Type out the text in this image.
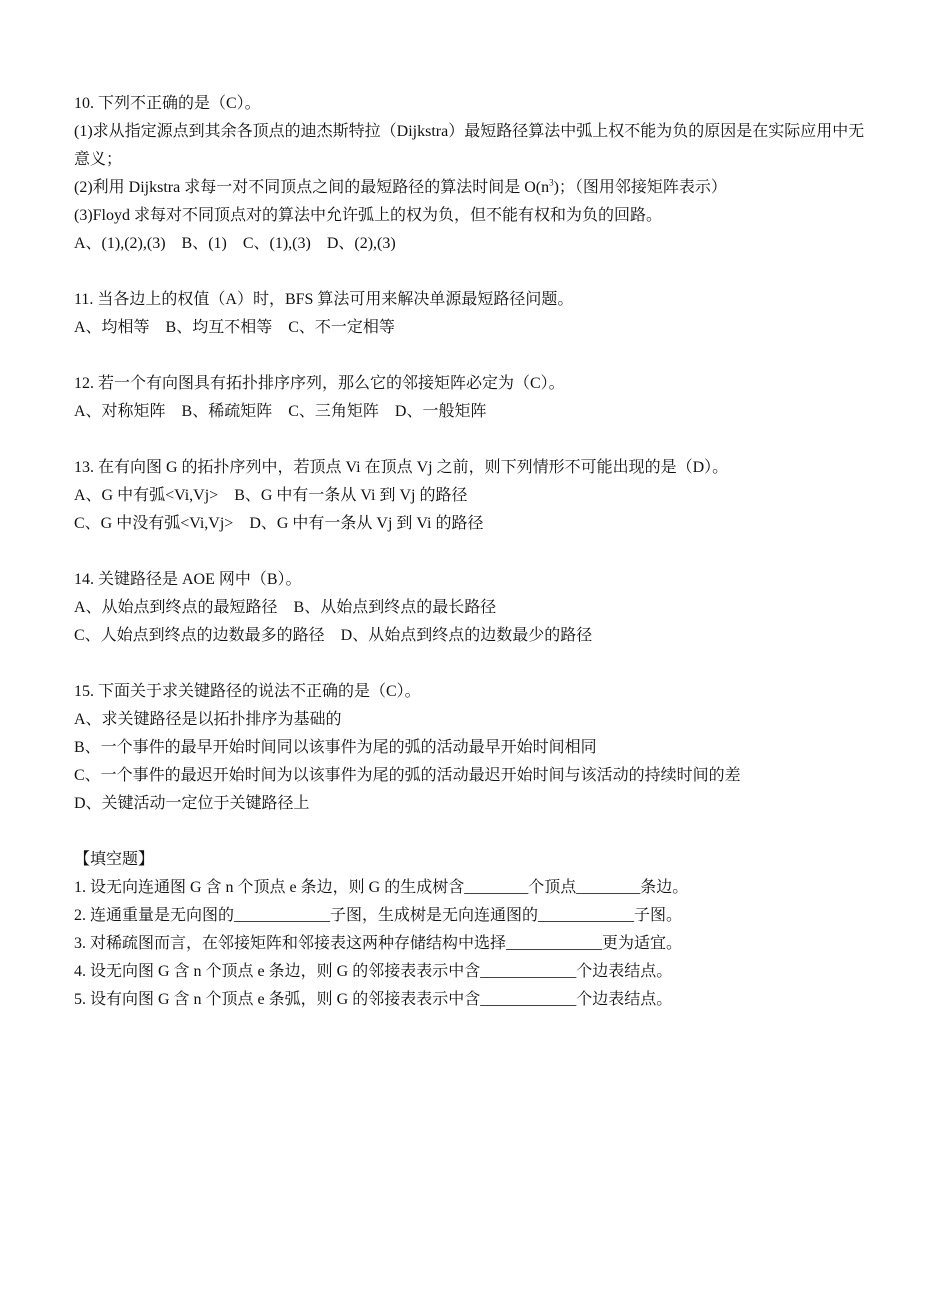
10. 下列不正确的是（C）。
(1)求从指定源点到其余各顶点的迪杰斯特拉（Dijkstra）最短路径算法中弧上权不能为负的原因是在实际应用中无意义；
(2)利用 Dijkstra 求每一对不同顶点之间的最短路径的算法时间是 $O(n^3)$；（图用邻接矩阵表示）
(3)Floyd 求每对不同顶点对的算法中允许弧上的权为负，但不能有权和为负的回路。
A、(1),(2),(3)    B、(1)    C、(1),(3)    D、(2),(3)
11. 当各边上的权值（A）时，BFS 算法可用来解决单源最短路径问题。
A、均相等    B、均互不相等    C、不一定相等
12. 若一个有向图具有拓扑排序序列，那么它的邻接矩阵必定为（C）。
A、对称矩阵    B、稀疏矩阵    C、三角矩阵    D、一般矩阵
13. 在有向图 G 的拓扑序列中，若顶点 Vi 在顶点 Vj 之前，则下列情形不可能出现的是（D）。
A、G 中有弧<Vi,Vj>    B、G 中有一条从 Vi 到 Vj 的路径
C、G 中没有弧<Vi,Vj>    D、G 中有一条从 Vj 到 Vi 的路径
14. 关键路径是 AOE 网中（B）。
A、从始点到终点的最短路径    B、从始点到终点的最长路径
C、人始点到终点的边数最多的路径    D、从始点到终点的边数最少的路径
15. 下面关于求关键路径的说法不正确的是（C）。
A、求关键路径是以拓扑排序为基础的
B、一个事件的最早开始时间同以该事件为尾的弧的活动最早开始时间相同
C、一个事件的最迟开始时间为以该事件为尾的弧的活动最迟开始时间与该活动的持续时间的差
D、关键活动一定位于关键路径上
【填空题】
1. 设无向连通图 G 含 n 个顶点 e 条边，则 G 的生成树含________个顶点________条边。
2. 连通重量是无向图的____________子图，生成树是无向连通图的____________子图。
3. 对稀疏图而言，在邻接矩阵和邻接表这两种存储结构中选择____________更为适宜。
4. 设无向图 G 含 n 个顶点 e 条边，则 G 的邻接表表示中含____________个边表结点。
5. 设有向图 G 含 n 个顶点 e 条弧，则 G 的邻接表表示中含____________个边表结点。
